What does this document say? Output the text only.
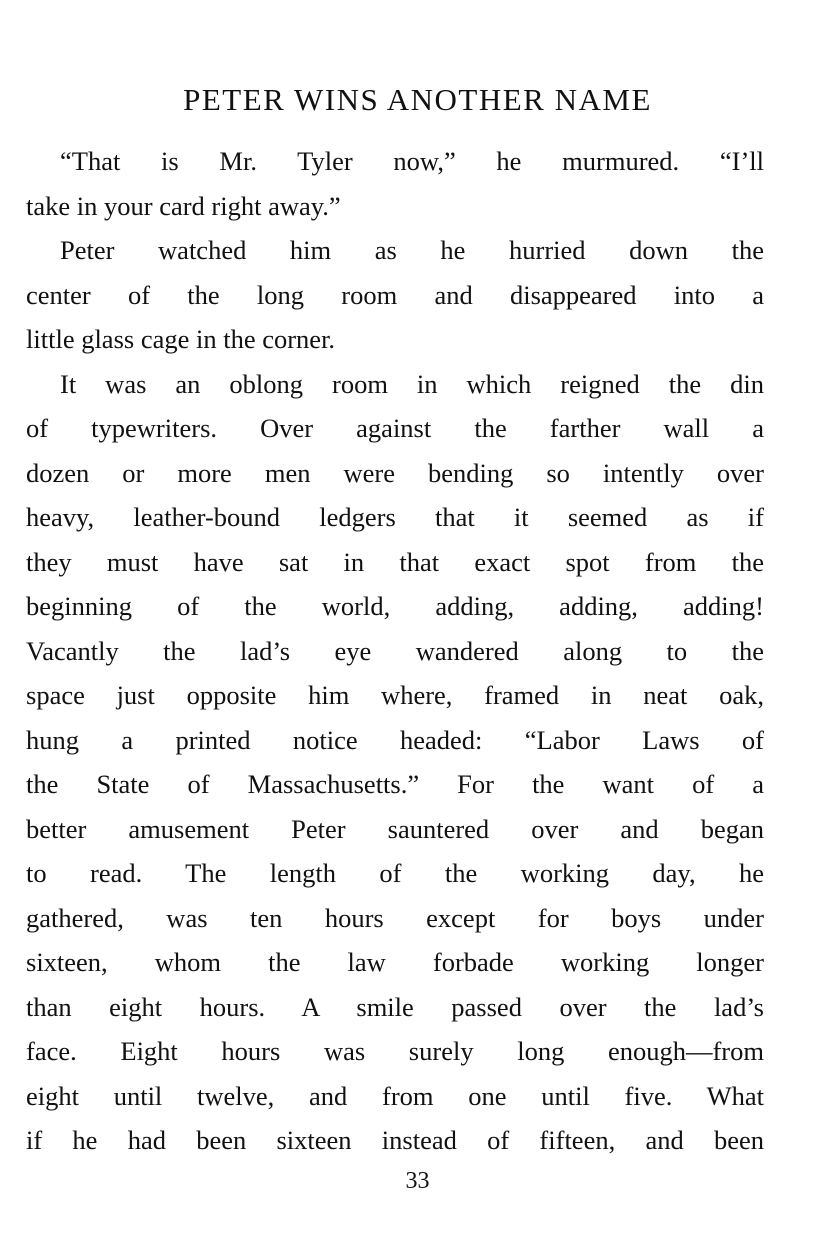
PETER WINS ANOTHER NAME
“That is Mr. Tyler now,” he murmured. “I’ll
take in your card right away.”
Peter watched him as he hurried down the
center of the long room and disappeared into a
little glass cage in the corner.
It was an oblong room in which reigned the din
of typewriters. Over against the farther wall a
dozen or more men were bending so intently over
heavy, leather-bound ledgers that it seemed as if
they must have sat in that exact spot from the
beginning of the world, adding, adding, adding!
Vacantly the lad’s eye wandered along to the
space just opposite him where, framed in neat oak,
hung a printed notice headed: “Labor Laws of
the State of Massachusetts.” For the want of a
better amusement Peter sauntered over and began
to read. The length of the working day, he
gathered, was ten hours except for boys under
sixteen, whom the law forbade working longer
than eight hours. A smile passed over the lad’s
face. Eight hours was surely long enough—from
eight until twelve, and from one until five. What
if he had been sixteen instead of fifteen, and been
33
